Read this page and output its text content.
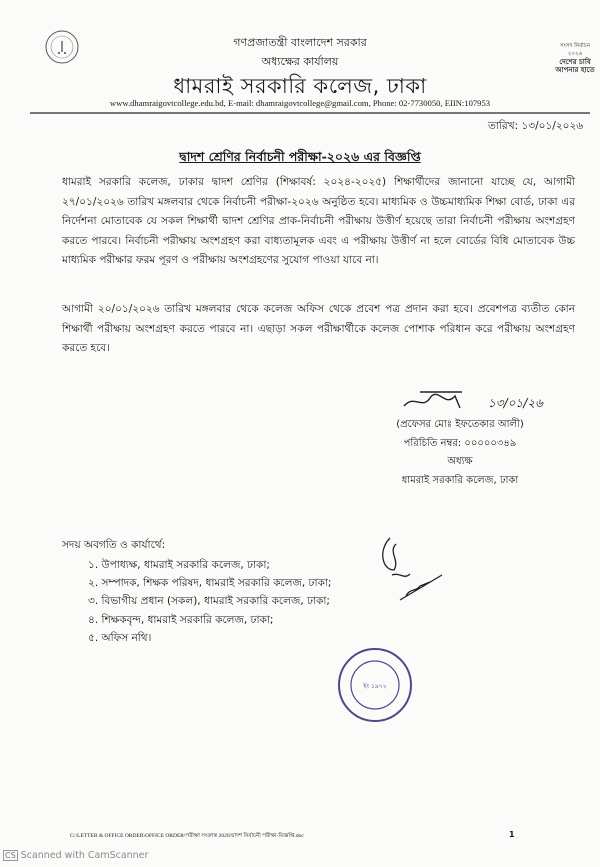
গণপ্রজাতন্ত্রী বাংলাদেশ সরকার
অধ্যক্ষের কার্যালয়
ধামরাই সরকারি কলেজ, ঢাকা
www.dhamraigovtcollege.edu.bd, E-mail: dhamraigovtcollege@gmail.com, Phone: 02-7730050, EIIN:107953
সংসদ নির্বাচন ২০২৬
দেশের চাবি
আপনার হাতে
তারিখ: ১৩/০১/২০২৬
দ্বাদশ শ্রেণির নির্বাচনী পরীক্ষা-২০২৬ এর বিজ্ঞপ্তি
ধামরাই সরকারি কলেজ, ঢাকার দ্বাদশ শ্রেণির (শিক্ষাবর্ষ: ২০২৪-২০২৫) শিক্ষার্থীদের জানানো যাচ্ছে যে, আগামী ২৭/০১/২০২৬ তারিখ মঙ্গলবার থেকে নির্বাচনী পরীক্ষা-২০২৬ অনুষ্ঠিত হবে। মাধ্যমিক ও উচ্চমাধ্যমিক শিক্ষা বোর্ড, ঢাকা এর নির্দেশনা মোতাবেক যে সকল শিক্ষার্থী দ্বাদশ শ্রেণির প্রাক-নির্বাচনী পরীক্ষায় উত্তীর্ণ হয়েছে তারা নির্বাচনী পরীক্ষায় অংশগ্রহণ করতে পারবে। নির্বাচনী পরীক্ষায় অংশগ্রহণ করা বাধ্যতামূলক এবং এ পরীক্ষায় উত্তীর্ণ না হলে বোর্ডের বিধি মোতাবেক উচ্চ মাধ্যমিক পরীক্ষার ফরম পূরণ ও পরীক্ষায় অংশগ্রহণের সুযোগ পাওয়া যাবে না।
আগামী ২০/০১/২০২৬ তারিখ মঙ্গলবার থেকে কলেজ অফিস থেকে প্রবেশ পত্র প্রদান করা হবে। প্রবেশপত্র ব্যতীত কোন শিক্ষার্থী পরীক্ষায় অংশগ্রহণ করতে পারবে না। এছাড়া সকল পরীক্ষার্থীকে কলেজ পোশাক পরিধান করে পরীক্ষায় অংশগ্রহণ করতে হবে।
১৩/০১/২৬
(প্রফেসর মোঃ ইফতেকার আলী)
পরিচিতি নম্বর: ০০০০০৩৪৯
অধ্যক্ষ
ধামরাই সরকারি কলেজ, ঢাকা
সদয় অবগতি ও কার্যার্থে:
১. উপাধ্যক্ষ, ধামরাই সরকারি কলেজ, ঢাকা;
২. সম্পাদক, শিক্ষক পরিষদ, ধামরাই সরকারি কলেজ, ঢাকা;
৩. বিভাগীয় প্রধান (সকল), ধামরাই সরকারি কলেজ, ঢাকা;
৪. শিক্ষকবৃন্দ, ধামরাই সরকারি কলেজ, ঢাকা;
৫. অফিস নথি।
ইং ১৯৭২
G:\LETTER & OFFICE ORDER\OFFICE ORDER\পরীক্ষা সংক্রান্ত 2026\দ্বাদশ নির্বাচনী পরীক্ষা-বিজ্ঞপ্তি.doc	1
CS Scanned with CamScanner
